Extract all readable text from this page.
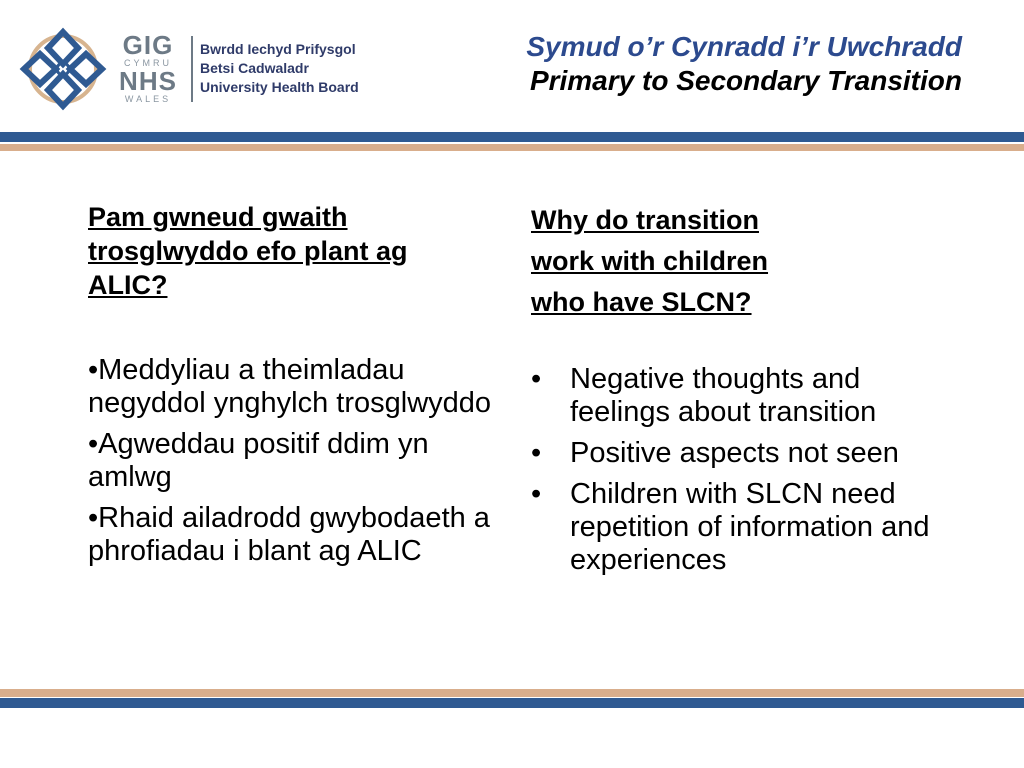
GIG
CYMRU
NHS
WALES
Bwrdd Iechyd Prifysgol
Betsi Cadwaladr
University Health Board
Symud o’r Cynradd i’r Uwchradd
Primary to Secondary Transition
Pam gwneud gwaith
trosglwyddo efo plant ag
ALIC?
•Meddyliau a theimladau negyddol ynghylch trosglwyddo
•Agweddau positif ddim yn amlwg
•Rhaid ailadrodd gwybodaeth a phrofiadau i blant ag ALIC
Why do transition
work with children
who have SLCN?
• Negative thoughts and feelings about transition
• Positive aspects not seen
• Children with SLCN need repetition of information and experiences
